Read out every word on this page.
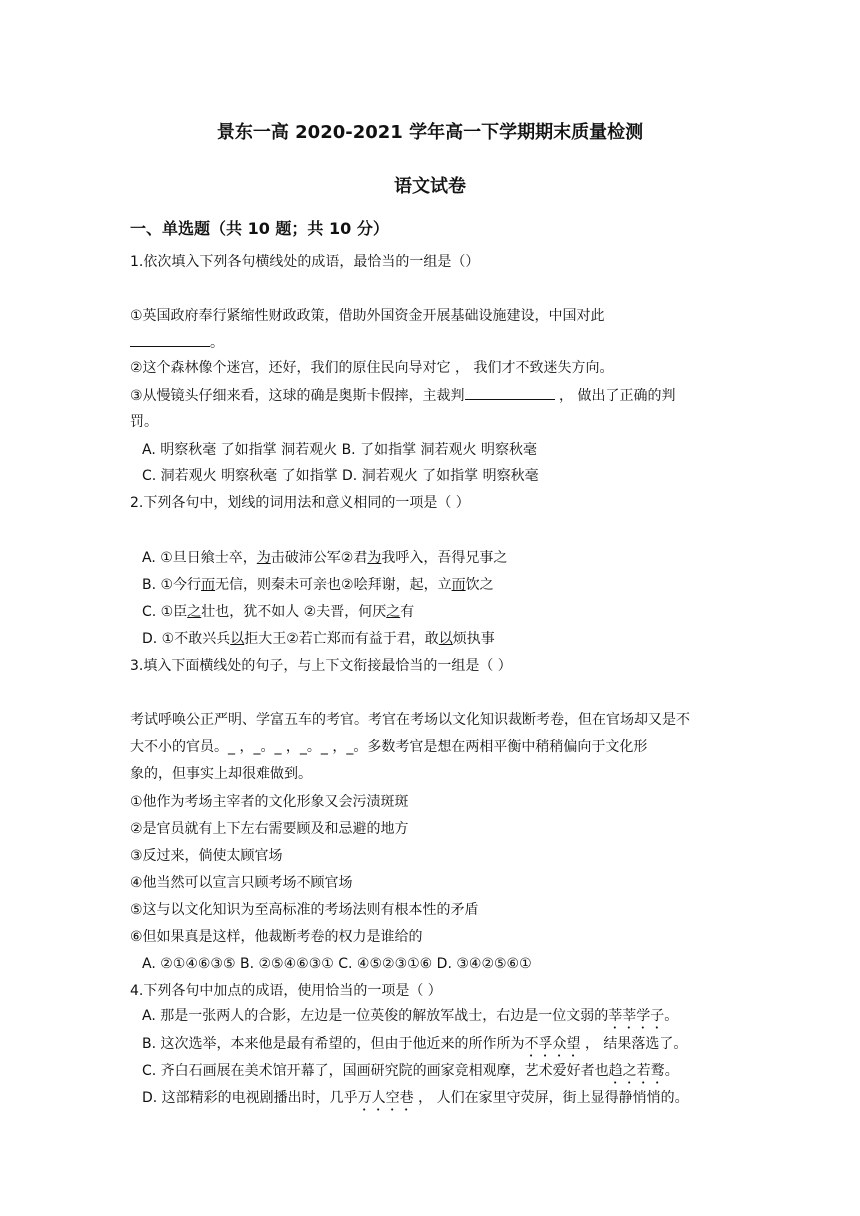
景东一高 2020-2021 学年高一下学期期末质量检测
语文试卷
一、单选题（共 10 题；共 10 分）
1.依次填入下列各句横线处的成语，最恰当的一组是（）
①英国政府奉行紧缩性财政政策，借助外国资金开展基础设施建设，中国对此
。
②这个森林像个迷宫，还好，我们的原住民向导对它 ， 我们才不致迷失方向。
③从慢镜头仔细来看，这球的确是奥斯卡假摔，主裁判	， 做出了正确的判
罚。
A. 明察秋毫 了如指掌 洞若观火 B. 了如指掌 洞若观火 明察秋毫
C. 洞若观火 明察秋毫 了如指掌 D. 洞若观火 了如指掌 明察秋毫
2.下列各句中，划线的词用法和意义相同的一项是（ ）
A. ①旦日飨士卒，为击破沛公军②君为我呼入，吾得兄事之
B. ①今行而无信，则秦未可亲也②哙拜谢，起，立而饮之
C. ①臣之壮也，犹不如人 ②夫晋，何厌之有
D. ①不敢兴兵以拒大王②若亡郑而有益于君，敢以烦执事
3.填入下面横线处的句子，与上下文衔接最恰当的一组是（ ）
考试呼唤公正严明、学富五车的考官。考官在考场以文化知识裁断考卷，但在官场却又是不
大不小的官员。_ ，_。_ ，_。_ ，_。多数考官是想在两相平衡中稍稍偏向于文化形
象的，但事实上却很难做到。
①他作为考场主宰者的文化形象又会污渍斑斑
②是官员就有上下左右需要顾及和忌避的地方
③反过来，倘使太顾官场
④他当然可以宣言只顾考场不顾官场
⑤这与以文化知识为至高标准的考场法则有根本性的矛盾
⑥但如果真是这样，他裁断考卷的权力是谁给的
A. ②①④⑥③⑤ B. ②⑤④⑥③① C. ④⑤②③①⑥ D. ③④②⑤⑥①
4.下列各句中加点的成语，使用恰当的一项是（ ）
A. 那是一张两人的合影，左边是一位英俊的解放军战士，右边是一位文弱的莘莘学子。
B. 这次选举，本来他是最有希望的，但由于他近来的所作所为不孚众望 ， 结果落选了。
C. 齐白石画展在美术馆开幕了，国画研究院的画家竞相观摩，艺术爱好者也趋之若鹜。
D. 这部精彩的电视剧播出时，几乎万人空巷 ， 人们在家里守荧屏，街上显得静悄悄的。
